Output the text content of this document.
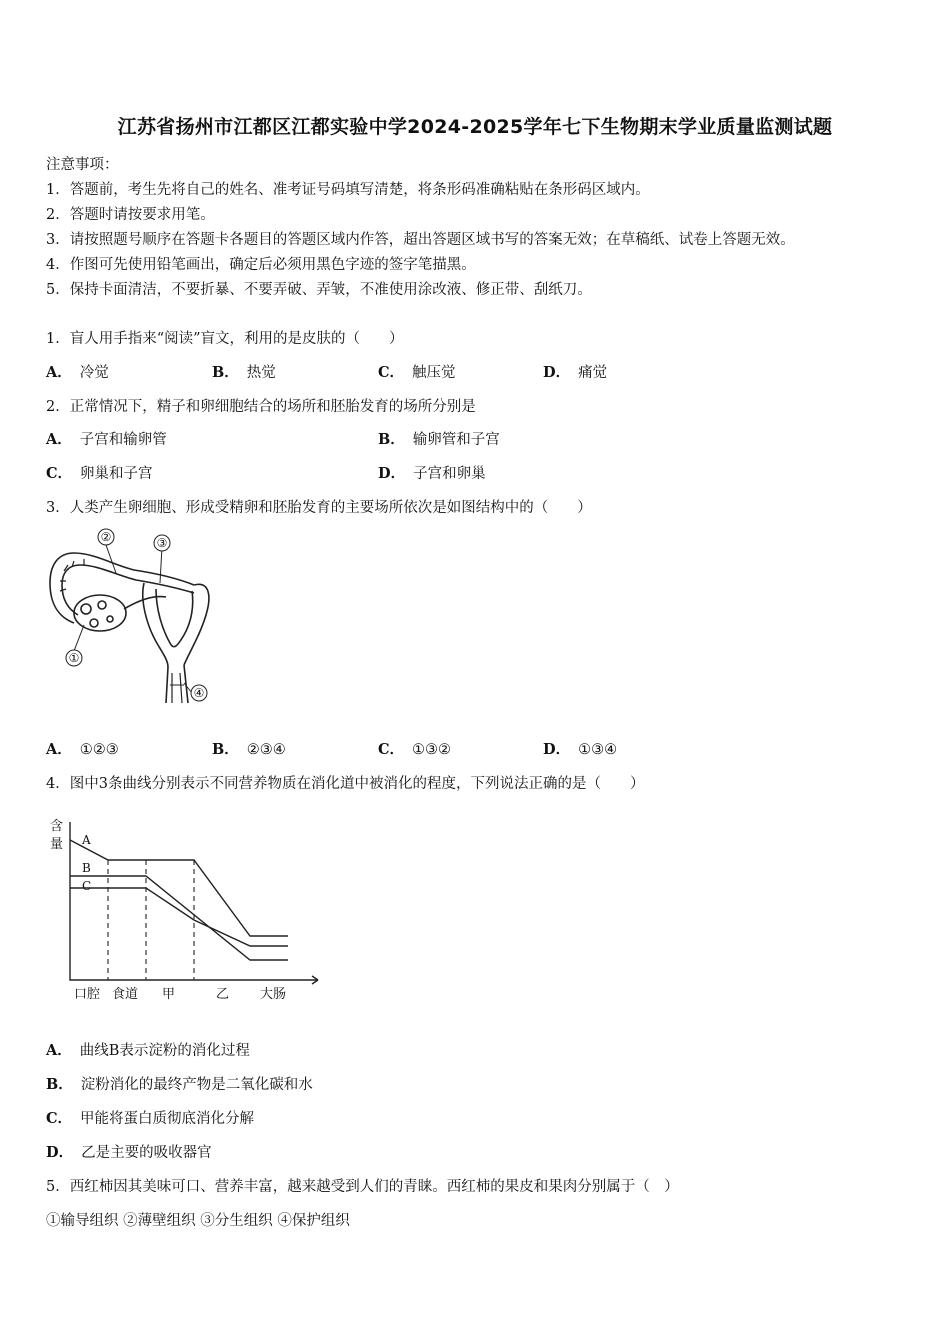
江苏省扬州市江都区江都实验中学2024-2025学年七下生物期末学业质量监测试题
注意事项：
1．答题前，考生先将自己的姓名、准考证号码填写清楚，将条形码准确粘贴在条形码区域内。
2．答题时请按要求用笔。
3．请按照题号顺序在答题卡各题目的答题区域内作答，超出答题区域书写的答案无效；在草稿纸、试卷上答题无效。
4．作图可先使用铅笔画出，确定后必须用黑色字迹的签字笔描黑。
5．保持卡面清洁，不要折暴、不要弄破、弄皱，不准使用涂改液、修正带、刮纸刀。
1．盲人用手指来“阅读”盲文，利用的是皮肤的（　　）
A． 冷觉	B． 热觉	C． 触压觉	D． 痛觉
2．正常情况下，精子和卵细胞结合的场所和胚胎发育的场所分别是
A． 子宫和输卵管	B． 输卵管和子宫
C． 卵巢和子宫	D． 子宫和卵巢
3．人类产生卵细胞、形成受精卵和胚胎发育的主要场所依次是如图结构中的（　　）
②	③
①
④
A． ①②③	B． ②③④	C． ①③②	D． ①③④
4．图中3条曲线分别表示不同营养物质在消化道中被消化的程度，下列说法正确的是（　　）
含
量 A
B
C
口腔 食道 甲	乙 大肠
A． 曲线B表示淀粉的消化过程
B． 淀粉消化的最终产物是二氧化碳和水
C． 甲能将蛋白质彻底消化分解
D． 乙是主要的吸收器官
5．西红柿因其美味可口、营养丰富，越来越受到人们的青睐。西红柿的果皮和果肉分别属于（　）
①输导组织 ②薄壁组织 ③分生组织 ④保护组织
